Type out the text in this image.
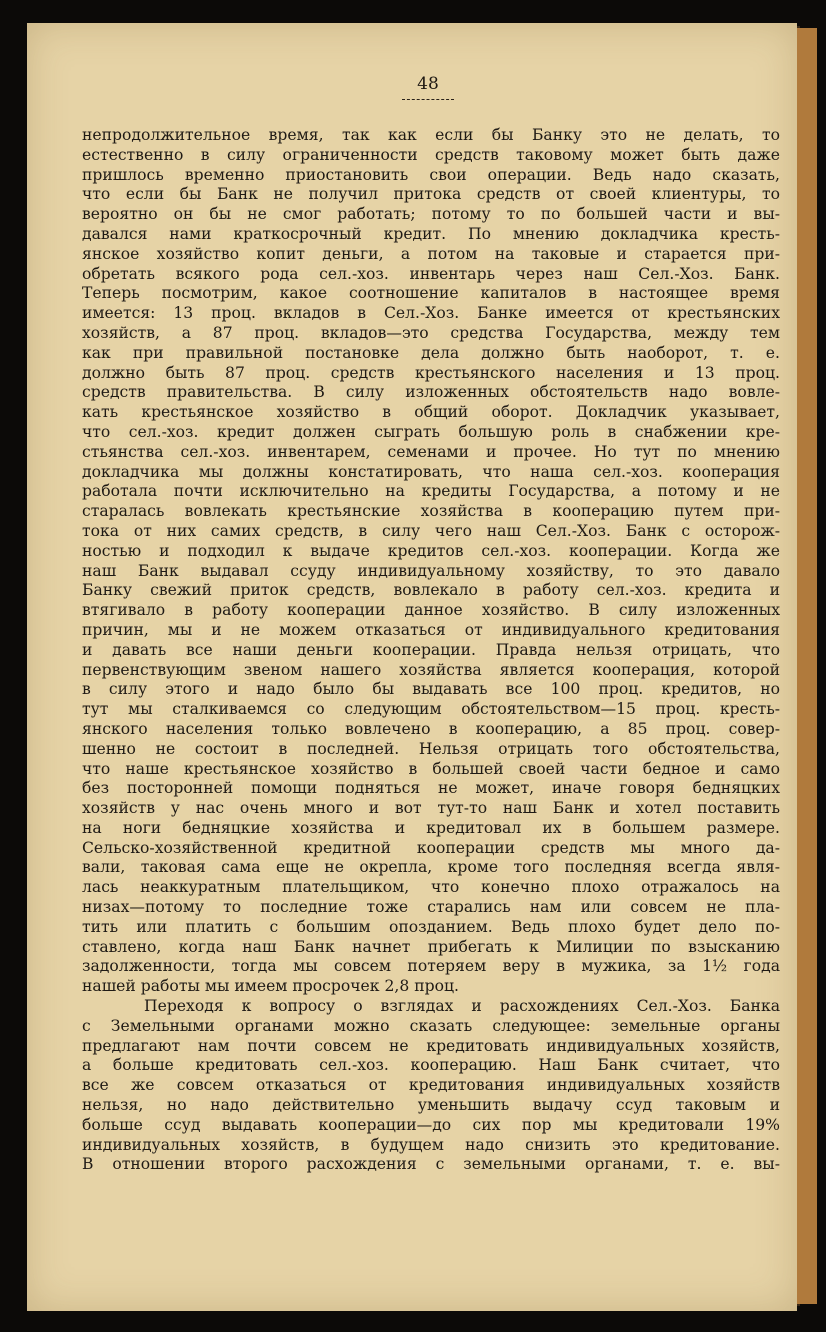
48
непродолжительное время, так как если бы Банку это не делать, то
естественно в силу ограниченности средств таковому может быть даже
пришлось временно приостановить свои операции. Ведь надо сказать,
что если бы Банк не получил притока средств от своей клиентуры, то
вероятно он бы не смог работать; потому то по большей части и вы-
давался нами краткосрочный кредит. По мнению докладчика кресть-
янское хозяйство копит деньги, а потом на таковые и старается при-
обретать всякого рода сел.-хоз. инвентарь через наш Сел.-Хоз. Банк.
Теперь посмотрим, какое соотношение капиталов в настоящее время
имеется: 13 проц. вкладов в Сел.-Хоз. Банке имеется от крестьянских
хозяйств, а 87 проц. вкладов—это средства Государства, между тем
как при правильной постановке дела должно быть наоборот, т. е.
должно быть 87 проц. средств крестьянского населения и 13 проц.
средств правительства. В силу изложенных обстоятельств надо вовле-
кать крестьянское хозяйство в общий оборот. Докладчик указывает,
что сел.-хоз. кредит должен сыграть большую роль в снабжении кре-
стьянства сел.-хоз. инвентарем, семенами и прочее. Но тут по мнению
докладчика мы должны констатировать, что наша сел.-хоз. кооперация
работала почти исключительно на кредиты Государства, а потому и не
старалась вовлекать крестьянские хозяйства в кооперацию путем при-
тока от них самих средств, в силу чего наш Сел.-Хоз. Банк с осторож-
ностью и подходил к выдаче кредитов сел.-хоз. кооперации. Когда же
наш Банк выдавал ссуду индивидуальному хозяйству, то это давало
Банку свежий приток средств, вовлекало в работу сел.-хоз. кредита и
втягивало в работу кооперации данное хозяйство. В силу изложенных
причин, мы и не можем отказаться от индивидуального кредитования
и давать все наши деньги кооперации. Правда нельзя отрицать, что
первенствующим звеном нашего хозяйства является кооперация, которой
в силу этого и надо было бы выдавать все 100 проц. кредитов, но
тут мы сталкиваемся со следующим обстоятельством—15 проц. кресть-
янского населения только вовлечено в кооперацию, а 85 проц. совер-
шенно не состоит в последней. Нельзя отрицать того обстоятельства,
что наше крестьянское хозяйство в большей своей части бедное и само
без посторонней помощи подняться не может, иначе говоря бедняцких
хозяйств у нас очень много и вот тут-то наш Банк и хотел поставить
на ноги бедняцкие хозяйства и кредитовал их в большем размере.
Сельско-хозяйственной кредитной кооперации средств мы много да-
вали, таковая сама еще не окрепла, кроме того последняя всегда явля-
лась неаккуратным плательщиком, что конечно плохо отражалось на
низах—потому то последние тоже старались нам или совсем не пла-
тить или платить с большим опозданием. Ведь плохо будет дело по-
ставлено, когда наш Банк начнет прибегать к Милиции по взысканию
задолженности, тогда мы совсем потеряем веру в мужика, за 1½ года
нашей работы мы имеем просрочек 2,8 проц.
Переходя к вопросу о взглядах и расхождениях Сел.-Хоз. Банка
с Земельными органами можно сказать следующее: земельные органы
предлагают нам почти совсем не кредитовать индивидуальных хозяйств,
а больше кредитовать сел.-хоз. кооперацию. Наш Банк считает, что
все же совсем отказаться от кредитования индивидуальных хозяйств
нельзя, но надо действительно уменьшить выдачу ссуд таковым и
больше ссуд выдавать кооперации—до сих пор мы кредитовали 19%
индивидуальных хозяйств, в будущем надо снизить это кредитование.
В отношении второго расхождения с земельными органами, т. е. вы-
